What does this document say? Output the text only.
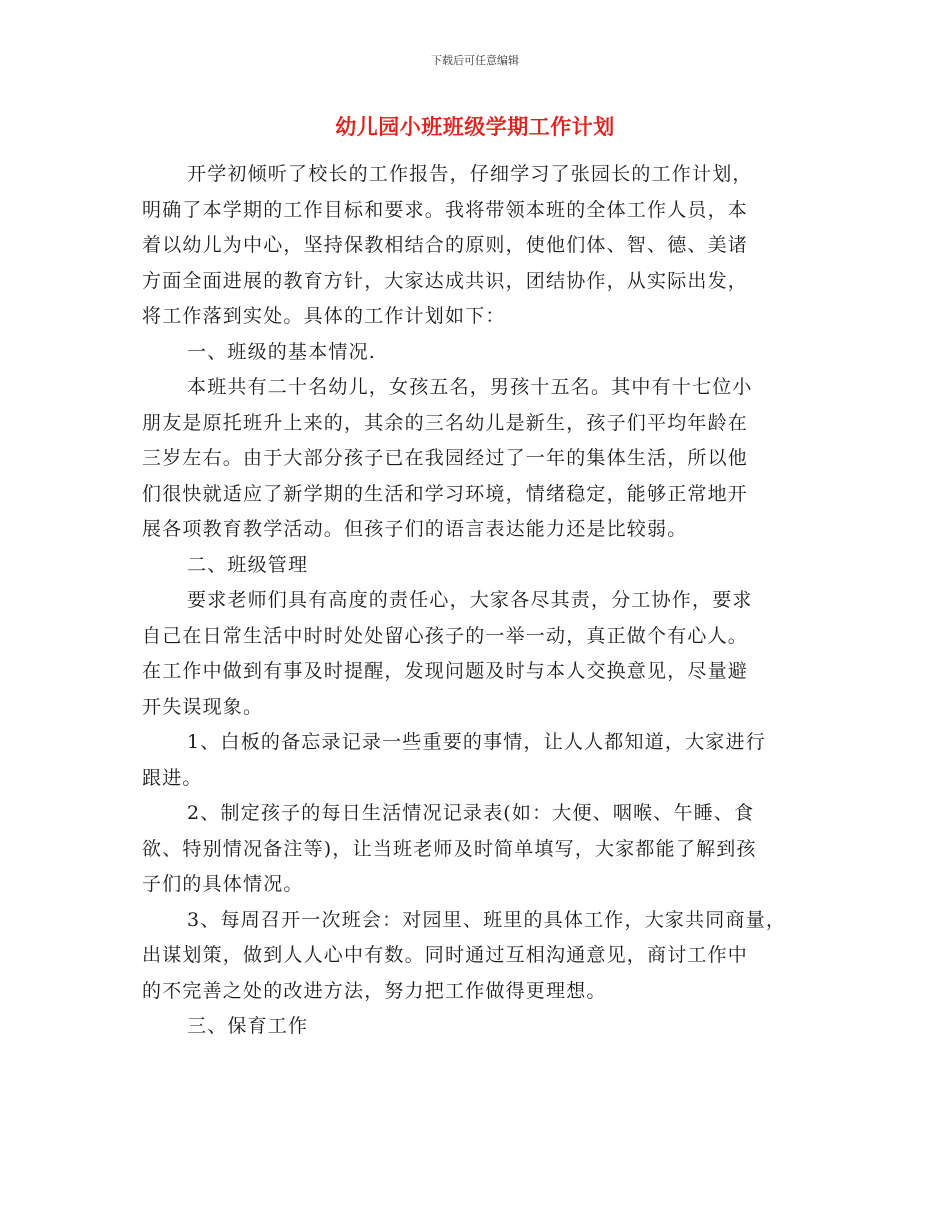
下载后可任意编辑
幼儿园小班班级学期工作计划
开学初倾听了校长的工作报告，仔细学习了张园长的工作计划，
明确了本学期的工作目标和要求。我将带领本班的全体工作人员，本
着以幼儿为中心，坚持保教相结合的原则，使他们体、智、德、美诸
方面全面进展的教育方针，大家达成共识，团结协作，从实际出发，
将工作落到实处。具体的工作计划如下：
一、班级的基本情况.
本班共有二十名幼儿，女孩五名，男孩十五名。其中有十七位小
朋友是原托班升上来的，其余的三名幼儿是新生，孩子们平均年龄在
三岁左右。由于大部分孩子已在我园经过了一年的集体生活，所以他
们很快就适应了新学期的生活和学习环境，情绪稳定，能够正常地开
展各项教育教学活动。但孩子们的语言表达能力还是比较弱。
二、班级管理
要求老师们具有高度的责任心，大家各尽其责，分工协作，要求
自己在日常生活中时时处处留心孩子的一举一动，真正做个有心人。
在工作中做到有事及时提醒，发现问题及时与本人交换意见，尽量避
开失误现象。
1、白板的备忘录记录一些重要的事情，让人人都知道，大家进行
跟进。
2、制定孩子的每日生活情况记录表(如：大便、咽喉、午睡、食
欲、特别情况备注等)，让当班老师及时简单填写，大家都能了解到孩
子们的具体情况。
3、每周召开一次班会：对园里、班里的具体工作，大家共同商量，
出谋划策，做到人人心中有数。同时通过互相沟通意见，商讨工作中
的不完善之处的改进方法，努力把工作做得更理想。
三、保育工作
